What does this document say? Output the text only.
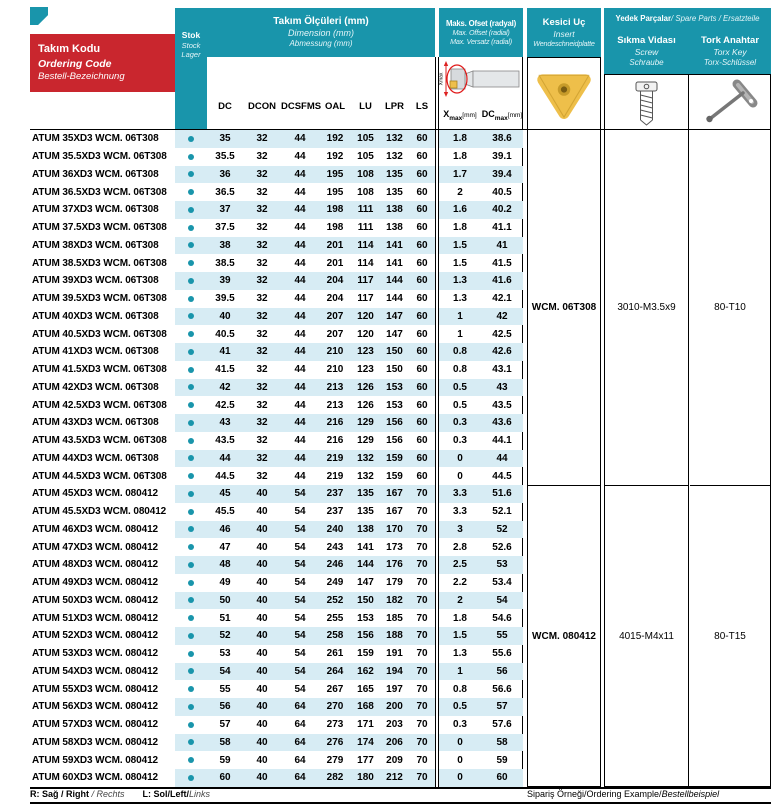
Takım Kodu
Ordering Code
Bestell-Bezeichnung
Stok
Stock
Lager
Takım Ölçüleri (mm)
Dimension (mm)
Abmessung (mm)
DC	DCON DCSFMS OAL	LU	LPR	LS
Maks. Ofset (radyal)
Max. Offset (radial)
Max. Versatz (radial)
Xmax
$X_{max}[mm]$ $DC_{max}[mm]$
Kesici Uç
Insert
Wendeschneidplatte
Yedek Parçalar / Spare Parts / Ersatzteile
Sıkma Vidası
Screw
Schraube
Tork Anahtar
Torx Key
Torx-Schlüssel
ATUM 35XD3 WCM. 06T308	35	32	44	192	105	132	60	1.8	38.6
ATUM 35.5XD3 WCM. 06T308	35.5	32	44	192	105	132	60	1.8	39.1
ATUM 36XD3 WCM. 06T308	36	32	44	195	108	135	60	1.7	39.4
ATUM 36.5XD3 WCM. 06T308	36.5	32	44	195	108	135	60	2	40.5
ATUM 37XD3 WCM. 06T308	37	32	44	198	111	138	60	1.6	40.2
ATUM 37.5XD3 WCM. 06T308	37.5	32	44	198	111	138	60	1.8	41.1
ATUM 38XD3 WCM. 06T308	38	32	44	201	114	141	60	1.5	41
ATUM 38.5XD3 WCM. 06T308	38.5	32	44	201	114	141	60	1.5	41.5
ATUM 39XD3 WCM. 06T308	39	32	44	204	117	144	60	1.3	41.6
ATUM 39.5XD3 WCM. 06T308	39.5	32	44	204	117	144	60	1.3	42.1
ATUM 40XD3 WCM. 06T308	40	32	44	207	120	147	60	1	42
ATUM 40.5XD3 WCM. 06T308	40.5	32	44	207	120	147	60	1	42.5
ATUM 41XD3 WCM. 06T308	41	32	44	210	123	150	60	0.8	42.6
ATUM 41.5XD3 WCM. 06T308	41.5	32	44	210	123	150	60	0.8	43.1
ATUM 42XD3 WCM. 06T308	42	32	44	213	126	153	60	0.5	43
ATUM 42.5XD3 WCM. 06T308	42.5	32	44	213	126	153	60	0.5	43.5
ATUM 43XD3 WCM. 06T308	43	32	44	216	129	156	60	0.3	43.6
ATUM 43.5XD3 WCM. 06T308	43.5	32	44	216	129	156	60	0.3	44.1
ATUM 44XD3 WCM. 06T308	44	32	44	219	132	159	60	0	44
ATUM 44.5XD3 WCM. 06T308	44.5	32	44	219	132	159	60	0	44.5
ATUM 45XD3 WCM. 080412	45	40	54	237	135	167	70	3.3	51.6
ATUM 45.5XD3 WCM. 080412	45.5	40	54	237	135	167	70	3.3	52.1
ATUM 46XD3 WCM. 080412	46	40	54	240	138	170	70	3	52
ATUM 47XD3 WCM. 080412	47	40	54	243	141	173	70	2.8	52.6
ATUM 48XD3 WCM. 080412	48	40	54	246	144	176	70	2.5	53
ATUM 49XD3 WCM. 080412	49	40	54	249	147	179	70	2.2	53.4
ATUM 50XD3 WCM. 080412	50	40	54	252	150	182	70	2	54
ATUM 51XD3 WCM. 080412	51	40	54	255	153	185	70	1.8	54.6
ATUM 52XD3 WCM. 080412	52	40	54	258	156	188	70	1.5	55
ATUM 53XD3 WCM. 080412	53	40	54	261	159	191	70	1.3	55.6
ATUM 54XD3 WCM. 080412	54	40	54	264	162	194	70	1	56
ATUM 55XD3 WCM. 080412	55	40	54	267	165	197	70	0.8	56.6
ATUM 56XD3 WCM. 080412	56	40	64	270	168	200	70	0.5	57
ATUM 57XD3 WCM. 080412	57	40	64	273	171	203	70	0.3	57.6
ATUM 58XD3 WCM. 080412	58	40	64	276	174	206	70	0	58
ATUM 59XD3 WCM. 080412	59	40	64	279	177	209	70	0	59
ATUM 60XD3 WCM. 080412	60	40	64	282	180	212	70	0	60
WCM. 06T308
WCM. 080412
3010-M3.5x9
4015-M4x11
80-T10
80-T15
R: Sağ / Right / Rechts L: Sol/Left/Links	Sipariş Örneği/Ordering Example/Bestellbeispiel
